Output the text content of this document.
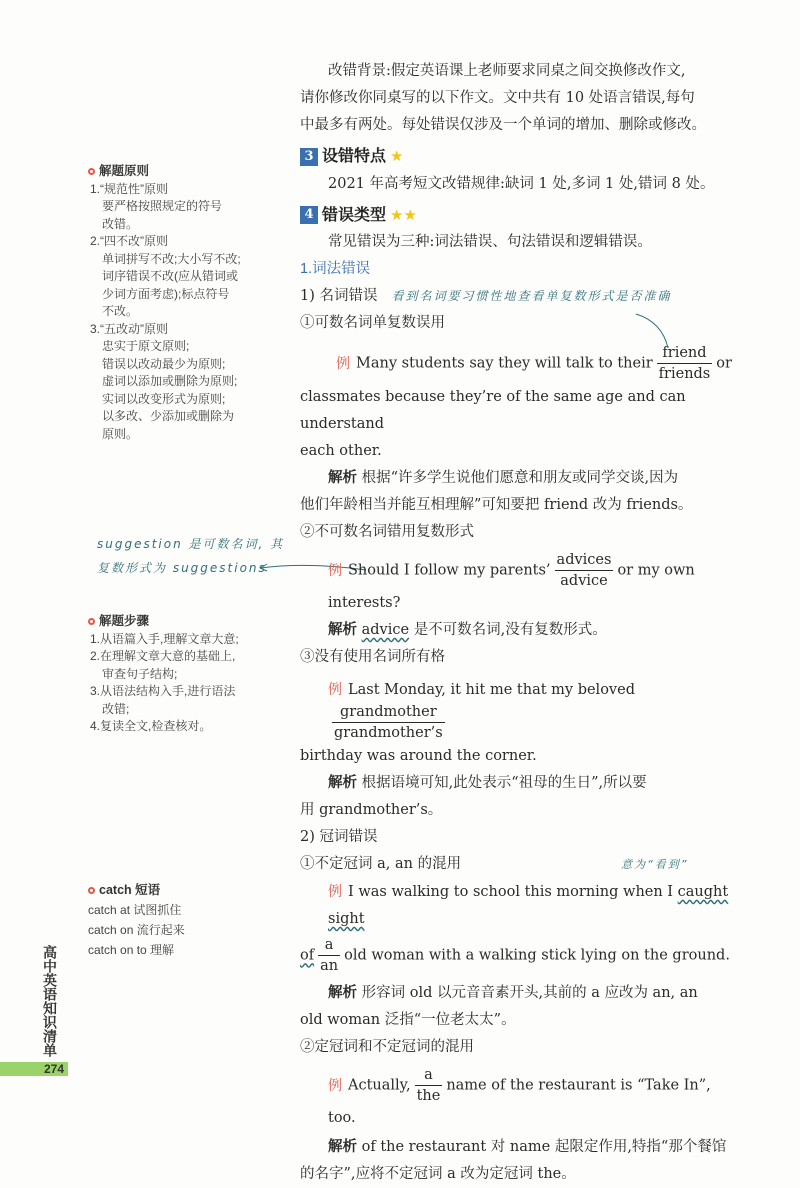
解题原则
1.“规范性”原则
要严格按照规定的符号
改错。
2.“四不改”原则
单词拼写不改;大小写不改;
词序错误不改(应从错词或
少词方面考虑);标点符号
不改。
3.“五改动”原则
忠实于原文原则;
错误以改动最少为原则;
虚词以添加或删除为原则;
实词以改变形式为原则;
以多改、少添加或删除为
原则。
suggestion 是可数名词, 其
复数形式为 suggestions
解题步骤
1.从语篇入手,理解文章大意;
2.在理解文章大意的基础上,
审查句子结构;
3.从语法结构入手,进行语法
改错;
4.复读全文,检查核对。
catch 短语
catch at 试图抓住
catch on 流行起来
catch on to 理解
高中英语知识清单
274
改错背景:假定英语课上老师要求同桌之间交换修改作文,
请你修改你同桌写的以下作文。文中共有 10 处语言错误,每句
中最多有两处。每处错误仅涉及一个单词的增加、删除或修改。
3 设错特点 ★
2021 年高考短文改错规律:缺词 1 处,多词 1 处,错词 8 处。
4 错误类型 ★★
常见错误为三种:词法错误、句法错误和逻辑错误。
1.词法错误
1) 名词错误 看到名词要习惯性地查看单复数形式是否准确
①可数名词单复数误用
例 Many students say they will talk to their $\frac{\text{friend}}{\text{friends}}$ or
classmates because they’re of the same age and can understand
each other.
解析 根据“许多学生说他们愿意和朋友或同学交谈,因为
他们年龄相当并能互相理解”可知要把 friend 改为 friends。
②不可数名词错用复数形式
例 Should I follow my parents’ $\frac{\text{advices}}{\text{advice}}$ or my own interests?
解析 advice 是不可数名词,没有复数形式。
③没有使用名词所有格
例 Last Monday, it hit me that my beloved
$\frac{\text{grandmother}}{\text{grandmother’s}}$
birthday was around the corner.
解析 根据语境可知,此处表示“祖母的生日”,所以要
用 grandmother’s。
2) 冠词错误
①不定冠词 a, an 的混用	意为“看到”
例 I was walking to school this morning when I caught sight
of $\frac{a}{an}$ old woman with a walking stick lying on the ground.
解析 形容词 old 以元音音素开头,其前的 a 应改为 an, an
old woman 泛指“一位老太太”。
②定冠词和不定冠词的混用
例 Actually, $\frac{a}{\text{the}}$ name of the restaurant is “Take In”, too.
解析 of the restaurant 对 name 起限定作用,特指“那个餐馆
的名字”,应将不定冠词 a 改为定冠词 the。
